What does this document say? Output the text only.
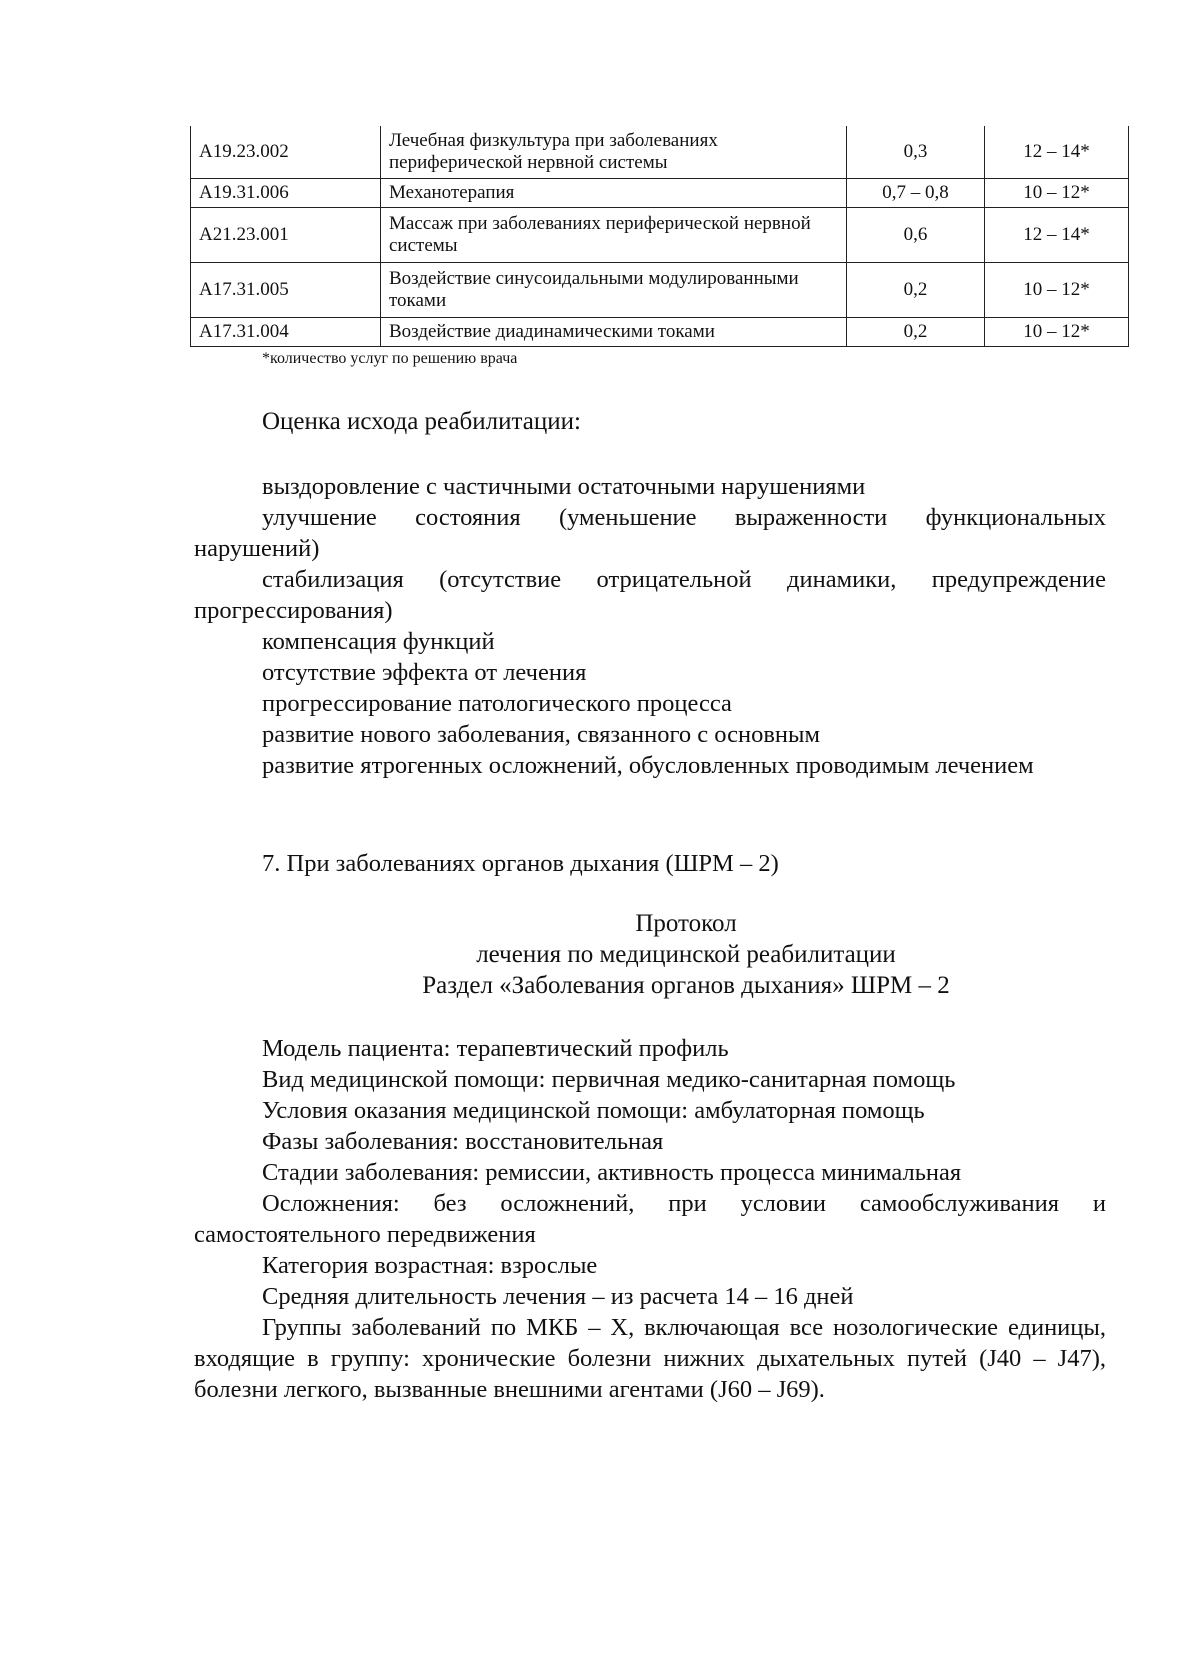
А19.23.002	Лечебная физкультура при заболеваниях периферической нервной системы	0,3	12 – 14*
А19.31.006	Механотерапия	0,7 – 0,8	10 – 12*
А21.23.001	Массаж при заболеваниях периферической нервной системы	0,6	12 – 14*
А17.31.005	Воздействие синусоидальными модулированными токами	0,2	10 – 12*
А17.31.004	Воздействие диадинамическими токами	0,2	10 – 12*
*количество услуг по решению врача
Оценка исхода реабилитации:

выздоровление с частичными остаточными нарушениями

улучшение состояния (уменьшение выраженности функциональных нарушений)

стабилизация (отсутствие отрицательной динамики, предупреждение прогрессирования)

компенсация функций

отсутствие эффекта от лечения

прогрессирование патологического процесса

развитие нового заболевания, связанного с основным

развитие ятрогенных осложнений, обусловленных проводимым лечением

7. При заболеваниях органов дыхания (ШРМ – 2)
Протокол
лечения по медицинской реабилитации
Раздел «Заболевания органов дыхания» ШРМ – 2

Модель пациента: терапевтический профиль

Вид медицинской помощи: первичная медико-санитарная помощь

Условия оказания медицинской помощи: амбулаторная помощь

Фазы заболевания: восстановительная

Стадии заболевания: ремиссии, активность процесса минимальная

Осложнения: без осложнений, при условии самообслуживания и самостоятельного передвижения

Категория возрастная: взрослые

Средняя длительность лечения – из расчета 14 – 16 дней

Группы заболеваний по МКБ – X, включающая все нозологические единицы, входящие в группу: хронические болезни нижних дыхательных путей (J40 – J47), болезни легкого, вызванные внешними агентами (J60 – J69).
